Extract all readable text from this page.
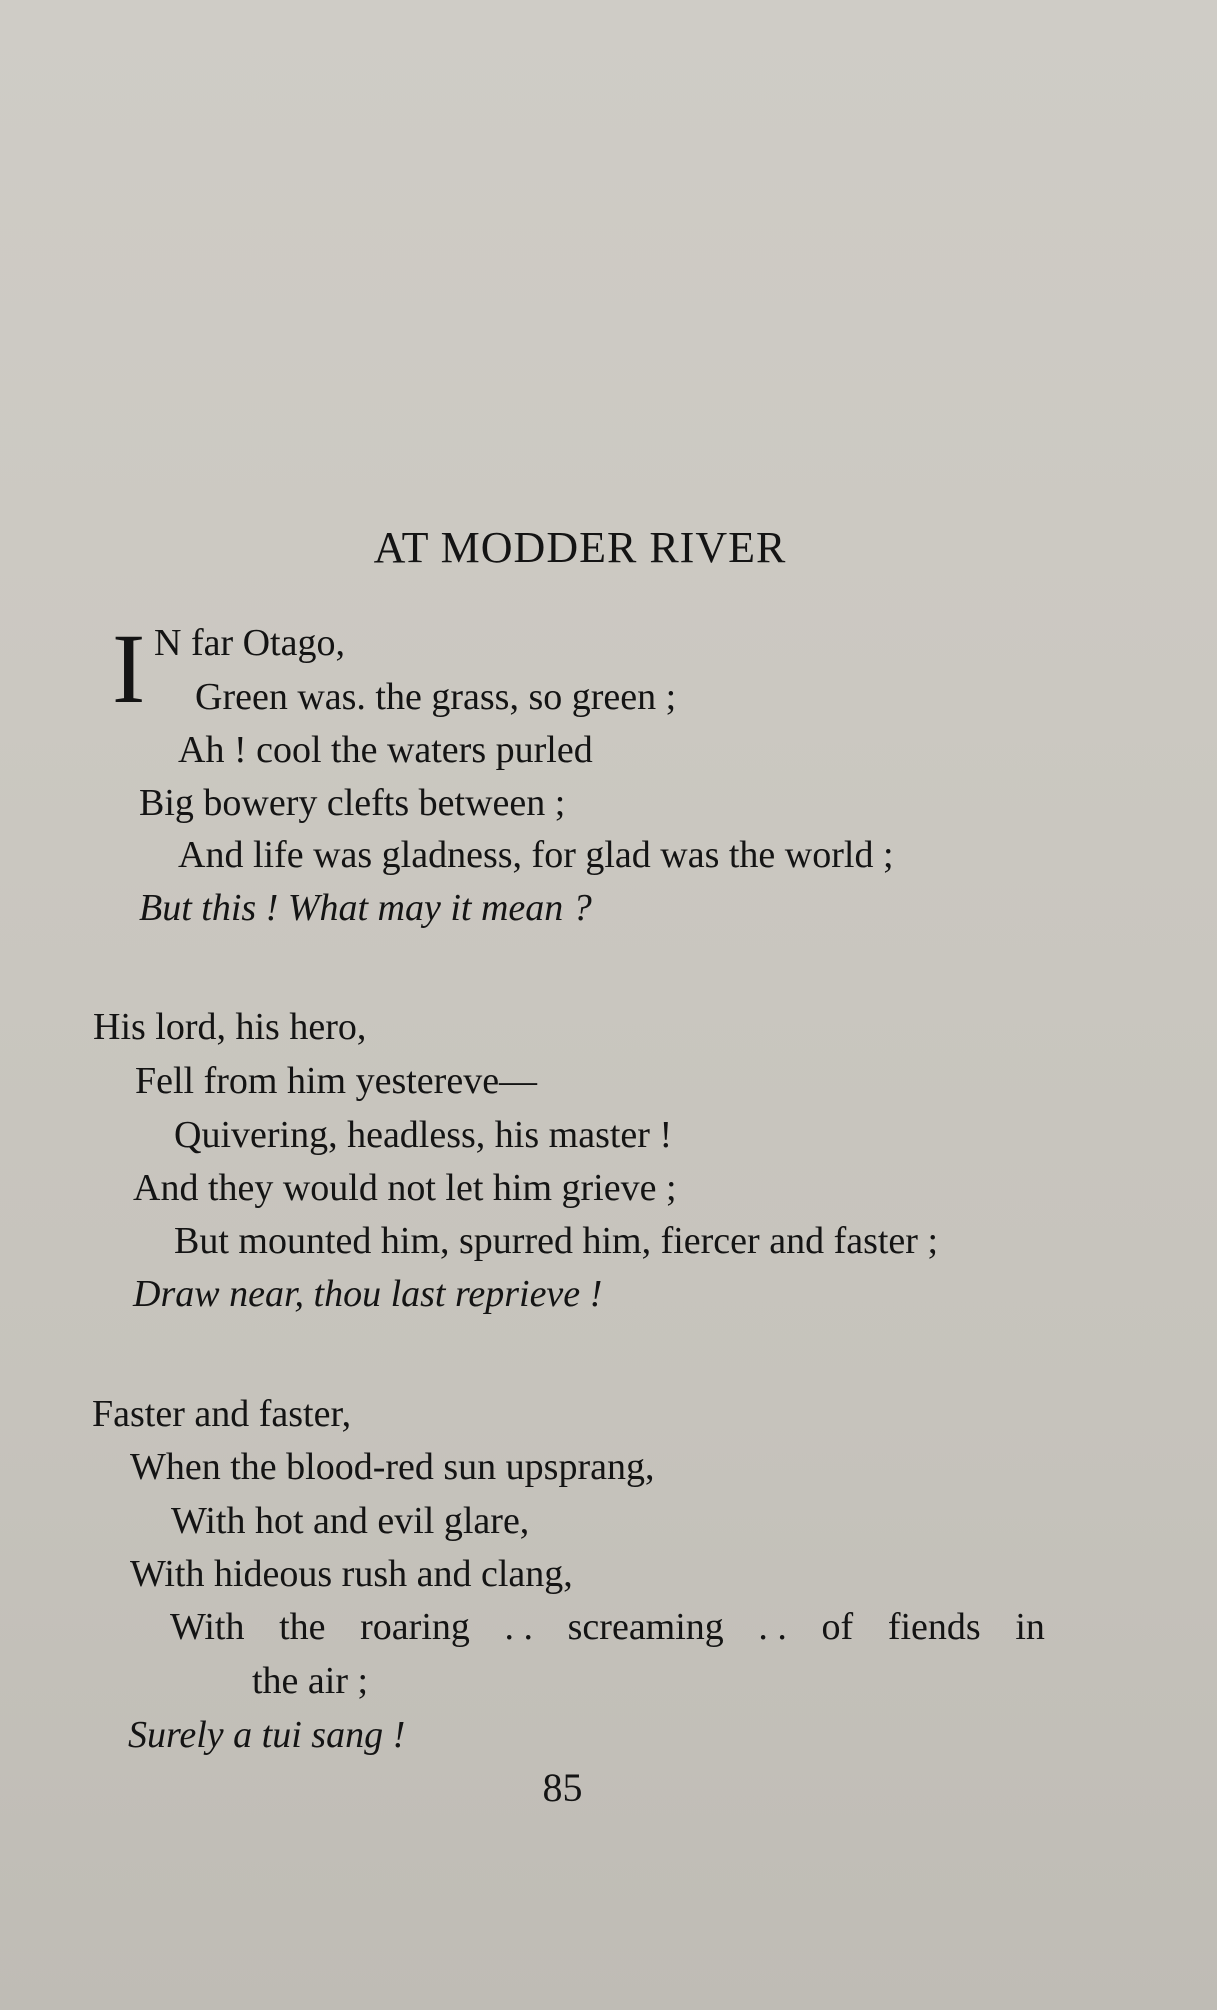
AT MODDER RIVER
I N far Otago,
Green was. the grass, so green ;
Ah ! cool the waters purled
Big bowery clefts between ;
And life was gladness, for glad was the world ;
But this ! What may it mean ?
His lord, his hero,
Fell from him yestereve—
Quivering, headless, his master !
And they would not let him grieve ;
But mounted him, spurred him, fiercer and faster ;
Draw near, thou last reprieve !
Faster and faster,
When the blood-red sun upsprang,
With hot and evil glare,
With hideous rush and clang,
With the roaring . . screaming . . of fiends in
the air ;
Surely a tui sang !
85
